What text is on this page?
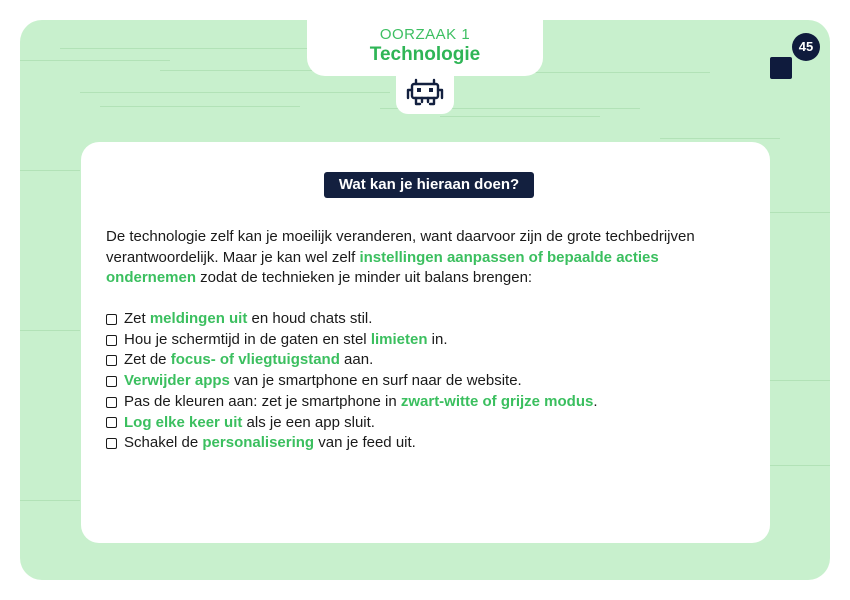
OORZAAK 1
Technologie	45
Wat kan je hieraan doen?

De technologie zelf kan je moeilijk veranderen, want daarvoor zijn de grote techbedrijven verantwoordelijk. Maar je kan wel zelf instellingen aanpassen of bepaalde acties ondernemen zodat de technieken je minder uit balans brengen:

Zet meldingen uit en houd chats stil.
Hou je schermtijd in de gaten en stel limieten in.
Zet de focus- of vliegtuigstand aan.
Verwijder apps van je smartphone en surf naar de website.
Pas de kleuren aan: zet je smartphone in zwart-witte of grijze modus .
Log elke keer uit als je een app sluit.
Schakel de personalisering van je feed uit.
